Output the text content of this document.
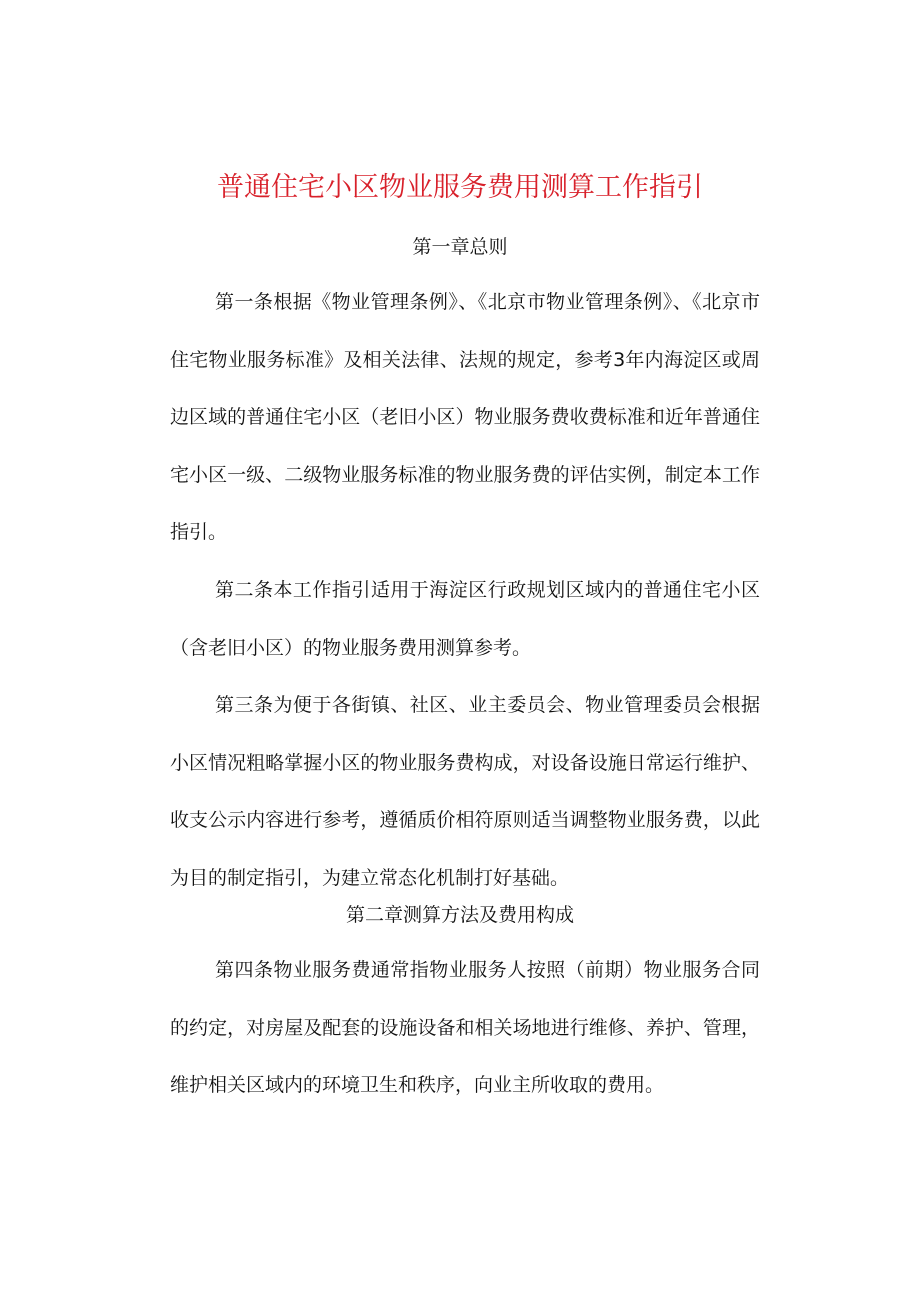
普通住宅小区物业服务费用测算工作指引
第一章总则

第一条根据《物业管理条例》、《北京市物业管理条例》、《北京市住宅物业服务标准》及相关法律、法规的规定，参考3年内海淀区或周边区域的普通住宅小区（老旧小区）物业服务费收费标准和近年普通住宅小区一级、二级物业服务标准的物业服务费的评估实例，制定本工作指引。

第二条本工作指引适用于海淀区行政规划区域内的普通住宅小区（含老旧小区）的物业服务费用测算参考。

第三条为便于各街镇、社区、业主委员会、物业管理委员会根据小区情况粗略掌握小区的物业服务费构成，对设备设施日常运行维护、收支公示内容进行参考，遵循质价相符原则适当调整物业服务费，以此为目的制定指引，为建立常态化机制打好基础。

第二章测算方法及费用构成

第四条物业服务费通常指物业服务人按照（前期）物业服务合同的约定，对房屋及配套的设施设备和相关场地进行维修、养护、管理，维护相关区域内的环境卫生和秩序，向业主所收取的费用。
